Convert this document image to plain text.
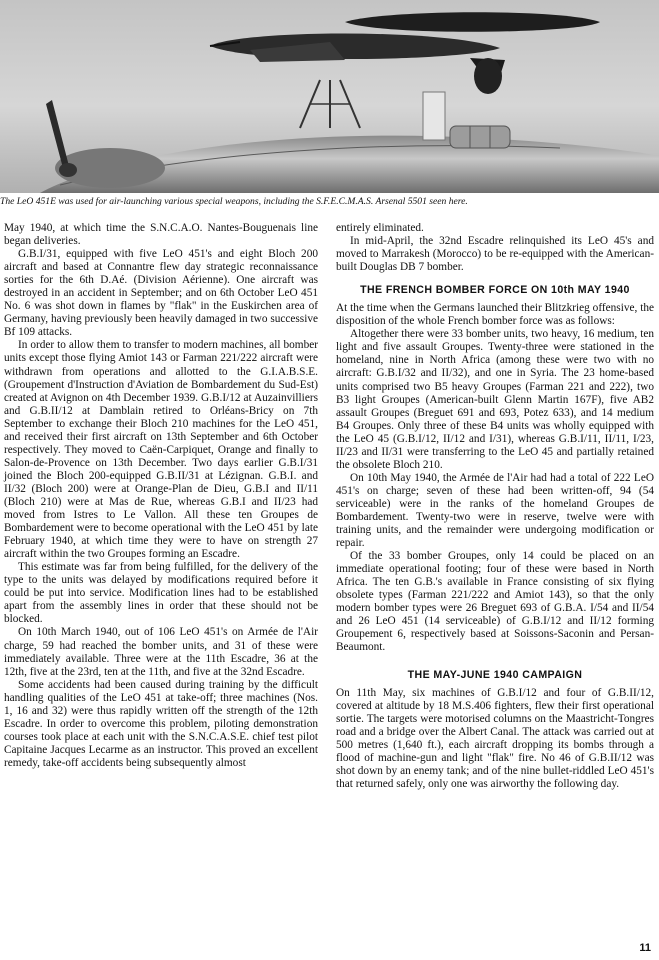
The LeO 451E was used for air-launching various special weapons, including the S.F.E.C.M.A.S. Arsenal 5501 seen here.

May 1940, at which time the S.N.C.A.O. Nantes-Bouguenais line began deliveries.

G.B.I/31, equipped with five LeO 451's and eight Bloch 200 aircraft and based at Connantre flew day strategic reconnaissance sorties for the 6th D.Aé. (Division Aérienne). One aircraft was destroyed in an accident in September; and on 6th October LeO 451 No. 6 was shot down in flames by "flak" in the Euskirchen area of Germany, having previously been heavily damaged in two successive Bf 109 attacks.

In order to allow them to transfer to modern machines, all bomber units except those flying Amiot 143 or Farman 221/222 aircraft were withdrawn from operations and allotted to the G.I.A.B.S.E. (Groupement d'Instruction d'Aviation de Bombardement du Sud-Est) created at Avignon on 4th December 1939. G.B.I/12 at Auzainvilliers and G.B.II/12 at Damblain retired to Orléans-Bricy on 7th September to exchange their Bloch 210 machines for the LeO 451, and received their first aircraft on 13th September and 6th October respectively. They moved to Caën-Carpiquet, Orange and finally to Salon-de-Provence on 13th December. Two days earlier G.B.I/31 joined the Bloch 200-equipped G.B.II/31 at Lézignan. G.B.I. and II/32 (Bloch 200) were at Orange-Plan de Dieu, G.B.I and II/11 (Bloch 210) were at Mas de Rue, whereas G.B.I and II/23 had moved from Istres to Le Vallon. All these ten Groupes de Bombardement were to become operational with the LeO 451 by late February 1940, at which time they were to have on strength 27 aircraft within the two Groupes forming an Escadre.

This estimate was far from being fulfilled, for the delivery of the type to the units was delayed by modifications required before it could be put into service. Modification lines had to be established apart from the assembly lines in order that these should not be blocked.

On 10th March 1940, out of 106 LeO 451's on Armée de l'Air charge, 59 had reached the bomber units, and 31 of these were immediately available. Three were at the 11th Escadre, 36 at the 12th, five at the 23rd, ten at the 11th, and five at the 32nd Escadre.

Some accidents had been caused during training by the difficult handling qualities of the LeO 451 at take-off; three machines (Nos. 1, 16 and 32) were thus rapidly written off the strength of the 12th Escadre. In order to overcome this problem, piloting demonstration courses took place at each unit with the S.N.C.A.S.E. chief test pilot Capitaine Jacques Lecarme as an instructor. This proved an excellent remedy, take-off accidents being subsequently almost

entirely eliminated.

In mid-April, the 32nd Escadre relinquished its LeO 45's and moved to Marrakesh (Morocco) to be re-equipped with the American-built Douglas DB 7 bomber.

THE FRENCH BOMBER FORCE ON 10th MAY 1940

At the time when the Germans launched their Blitzkrieg offensive, the disposition of the whole French bomber force was as follows:

Altogether there were 33 bomber units, two heavy, 16 medium, ten light and five assault Groupes. Twenty-three were stationed in the homeland, nine in North Africa (among these were two with no aircraft: G.B.I/32 and II/32), and one in Syria. The 23 home-based units comprised two B5 heavy Groupes (Farman 221 and 222), two B3 light Groupes (American-built Glenn Martin 167F), five AB2 assault Groupes (Breguet 691 and 693, Potez 633), and 14 medium B4 Groupes. Only three of these B4 units was wholly equipped with the LeO 45 (G.B.I/12, II/12 and I/31), whereas G.B.I/11, II/11, I/23, II/23 and II/31 were transferring to the LeO 45 and partially retained the obsolete Bloch 210.

On 10th May 1940, the Armée de l'Air had had a total of 222 LeO 451's on charge; seven of these had been written-off, 94 (54 serviceable) were in the ranks of the homeland Groupes de Bombardement. Twenty-two were in reserve, twelve were with training units, and the remainder were undergoing modification or repair.

Of the 33 bomber Groupes, only 14 could be placed on an immediate operational footing; four of these were based in North Africa. The ten G.B.'s available in France consisting of six flying obsolete types (Farman 221/222 and Amiot 143), so that the only modern bomber types were 26 Breguet 693 of G.B.A. I/54 and II/54 and 26 LeO 451 (14 serviceable) of G.B.I/12 and II/12 forming Groupement 6, respectively based at Soissons-Saconin and Persan-Beaumont.

THE MAY-JUNE 1940 CAMPAIGN

On 11th May, six machines of G.B.I/12 and four of G.B.II/12, covered at altitude by 18 M.S.406 fighters, flew their first operational sortie. The targets were motorised columns on the Maastricht-Tongres road and a bridge over the Albert Canal. The attack was carried out at 500 metres (1,640 ft.), each aircraft dropping its bombs through a flood of machine-gun and light "flak" fire. No 46 of G.B.II/12 was shot down by an enemy tank; and of the nine bullet-riddled LeO 451's that returned safely, only one was airworthy the following day.

11
